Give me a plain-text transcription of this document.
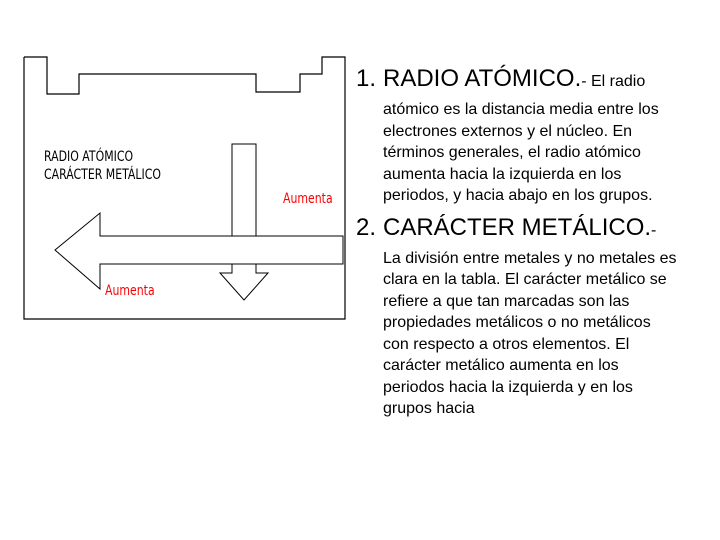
RADIO ATÓMICO
CARÁCTER METÁLICO
Aumenta
Aumenta
1. RADIO ATÓMICO.- El radio

atómico es la distancia media entre los
electrones externos y el núcleo. En
términos generales, el radio atómico
aumenta hacia la izquierda en los
periodos, y hacia abajo en los grupos.

2. CARÁCTER METÁLICO.-

La división entre metales y no metales es
clara en la tabla. El carácter metálico se
refiere a que tan marcadas son las
propiedades metálicos o no metálicos
con respecto a otros elementos. El
carácter metálico aumenta en los
periodos hacia la izquierda y en los
grupos hacia
